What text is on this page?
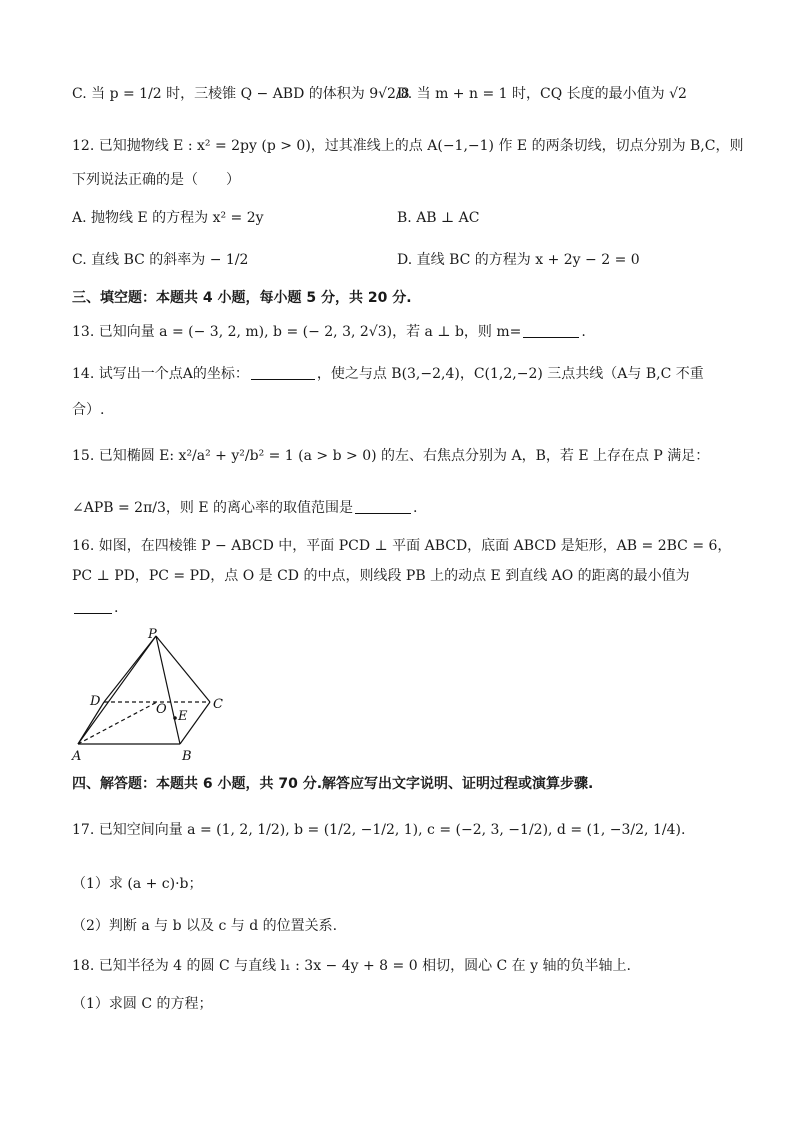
C. 当 p = 1/2 时，三棱锥 Q − ABD 的体积为 9√2/8
D. 当 m + n = 1 时，CQ 长度的最小值为 √2
12. 已知抛物线 E : x² = 2py (p > 0)，过其准线上的点 A(−1,−1) 作 E 的两条切线，切点分别为 B,C，则
下列说法正确的是（　　）
A. 抛物线 E 的方程为 x² = 2y	B. AB ⊥ AC
C. 直线 BC 的斜率为 − 1/2	D. 直线 BC 的方程为 x + 2y − 2 = 0
三、填空题：本题共 4 小题，每小题 5 分，共 20 分.
13. 已知向量 a = (− 3, 2, m), b = (− 2, 3, 2√3)，若 a ⊥ b，则 m=	.
14. 试写出一个点A的坐标：	，使之与点 B(3,−2,4)，C(1,2,−2) 三点共线（A与 B,C 不重
合）.
15. 已知椭圆 E: x²/a² + y²/b² = 1 (a > b > 0) 的左、右焦点分别为 A，B，若 E 上存在点 P 满足：
∠APB = 2π/3，则 E 的离心率的取值范围是	.
16. 如图，在四棱锥 P − ABCD 中，平面 PCD ⊥ 平面 ABCD，底面 ABCD 是矩形，AB = 2BC = 6，
PC ⊥ PD，PC = PD，点 O 是 CD 的中点，则线段 PB 上的动点 E 到直线 AO 的距离的最小值为
.
P
D	C
O E
A	B
四、解答题：本题共 6 小题，共 70 分.解答应写出文字说明、证明过程或演算步骤.
17. 已知空间向量 a = (1, 2, 1/2), b = (1/2, −1/2, 1), c = (−2, 3, −1/2), d = (1, −3/2, 1/4).
（1）求 (a + c)·b；
（2）判断 a 与 b 以及 c 与 d 的位置关系.
18. 已知半径为 4 的圆 C 与直线 l₁ : 3x − 4y + 8 = 0 相切，圆心 C 在 y 轴的负半轴上.
（1）求圆 C 的方程；
